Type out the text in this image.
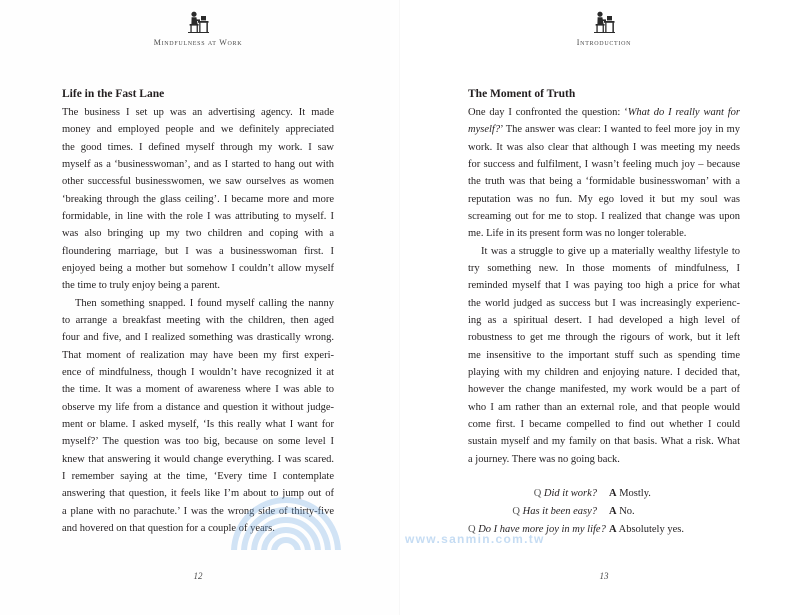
Mindfulness at Work
Life in the Fast Lane
The business I set up was an advertising agency. It made
money and employed people and we definitely appreciated
the good times. I defined myself through my work. I saw
myself as a ‘businesswoman’, and as I started to hang out with
other successful businesswomen, we saw ourselves as women
‘breaking through the glass ceiling’. I became more and more
formidable, in line with the role I was attributing to myself. I
was also bringing up my two children and coping with a
floundering marriage, but I was a businesswoman first. I
enjoyed being a mother but somehow I couldn’t allow myself
the time to truly enjoy being a parent.
Then something snapped. I found myself calling the nanny
to arrange a breakfast meeting with the children, then aged
four and five, and I realized something was drastically wrong.
That moment of realization may have been my first experi-
ence of mindfulness, though I wouldn’t have recognized it at
the time. It was a moment of awareness where I was able to
observe my life from a distance and question it without judge-
ment or blame. I asked myself, ‘Is this really what I want for
myself?’ The question was too big, because on some level I
knew that answering it would change everything. I was scared.
I remember saying at the time, ‘Every time I contemplate
answering that question, it feels like I’m about to jump out of
a plane with no parachute.’ I was the wrong side of thirty-five
and hovered on that question for a couple of years.
12
Introduction
The Moment of Truth
One day I confronted the question: ‘What do I really want for
myself?’ The answer was clear: I wanted to feel more joy in my
work. It was also clear that although I was meeting my needs
for success and fulfilment, I wasn’t feeling much joy – because
the truth was that being a ‘formidable businesswoman’ with a
reputation was no fun. My ego loved it but my soul was
screaming out for me to stop. I realized that change was upon
me. Life in its present form was no longer tolerable.
It was a struggle to give up a materially wealthy lifestyle to
try something new. In those moments of mindfulness, I
reminded myself that I was paying too high a price for what
the world judged as success but I was increasingly experienc-
ing as a spiritual desert. I had developed a high level of
robustness to get me through the rigours of work, but it left
me insensitive to the important stuff such as spending time
playing with my children and enjoying nature. I decided that,
however the change manifested, my work would be a part of
who I am rather than an external role, and that people would
come first. I became compelled to find out whether I could
sustain myself and my family on that basis. What a risk. What
a journey. There was no going back.
Q Did it work? A Mostly.
Q Has it been easy? A No.
Q Do I have more joy in my life? A Absolutely yes.
13
www.sanmin.com.tw
